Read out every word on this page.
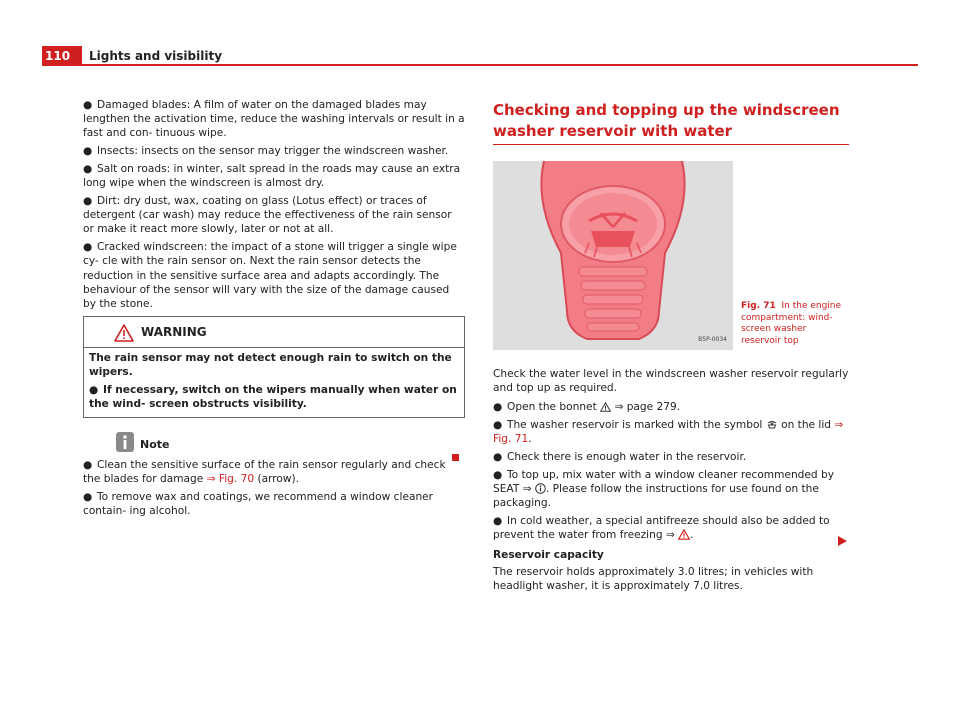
110	Lights and visibility

● Damaged blades: A film of water on the damaged blades may lengthen the activation time, reduce the washing intervals or result in a fast and con- tinuous wipe.

● Insects: insects on the sensor may trigger the windscreen washer.

● Salt on roads: in winter, salt spread in the roads may cause an extra long wipe when the windscreen is almost dry.

● Dirt: dry dust, wax, coating on glass (Lotus effect) or traces of detergent (car wash) may reduce the effectiveness of the rain sensor or make it react more slowly, later or not at all.

● Cracked windscreen: the impact of a stone will trigger a single wipe cy- cle with the rain sensor on. Next the rain sensor detects the reduction in the sensitive surface area and adapts accordingly. The behaviour of the sensor will vary with the size of the damage caused by the stone.

WARNING

The rain sensor may not detect enough rain to switch on the wipers.

● If necessary, switch on the wipers manually when water on the wind- screen obstructs visibility.

Note

● Clean the sensitive surface of the rain sensor regularly and check the blades for damage ⇒ Fig. 70 (arrow).

● To remove wax and coatings, we recommend a window cleaner contain- ing alcohol.

Checking and topping up the windscreen washer reservoir with water
B5P-0034
Fig. 71 In the engine compartment: wind- screen washer reservoir top

Check the water level in the windscreen washer reservoir regularly and top up as required.

● Open the bonnet  ⇒ page 279.

● The washer reservoir is marked with the symbol  on the lid ⇒ Fig. 71.

● Check there is enough water in the reservoir.

● To top up, mix water with a window cleaner recommended by SEAT ⇒ . Please follow the instructions for use found on the packaging.

● In cold weather, a special antifreeze should also be added to prevent the water from freezing ⇒ .

Reservoir capacity

The reservoir holds approximately 3.0 litres; in vehicles with headlight washer, it is approximately 7.0 litres.
